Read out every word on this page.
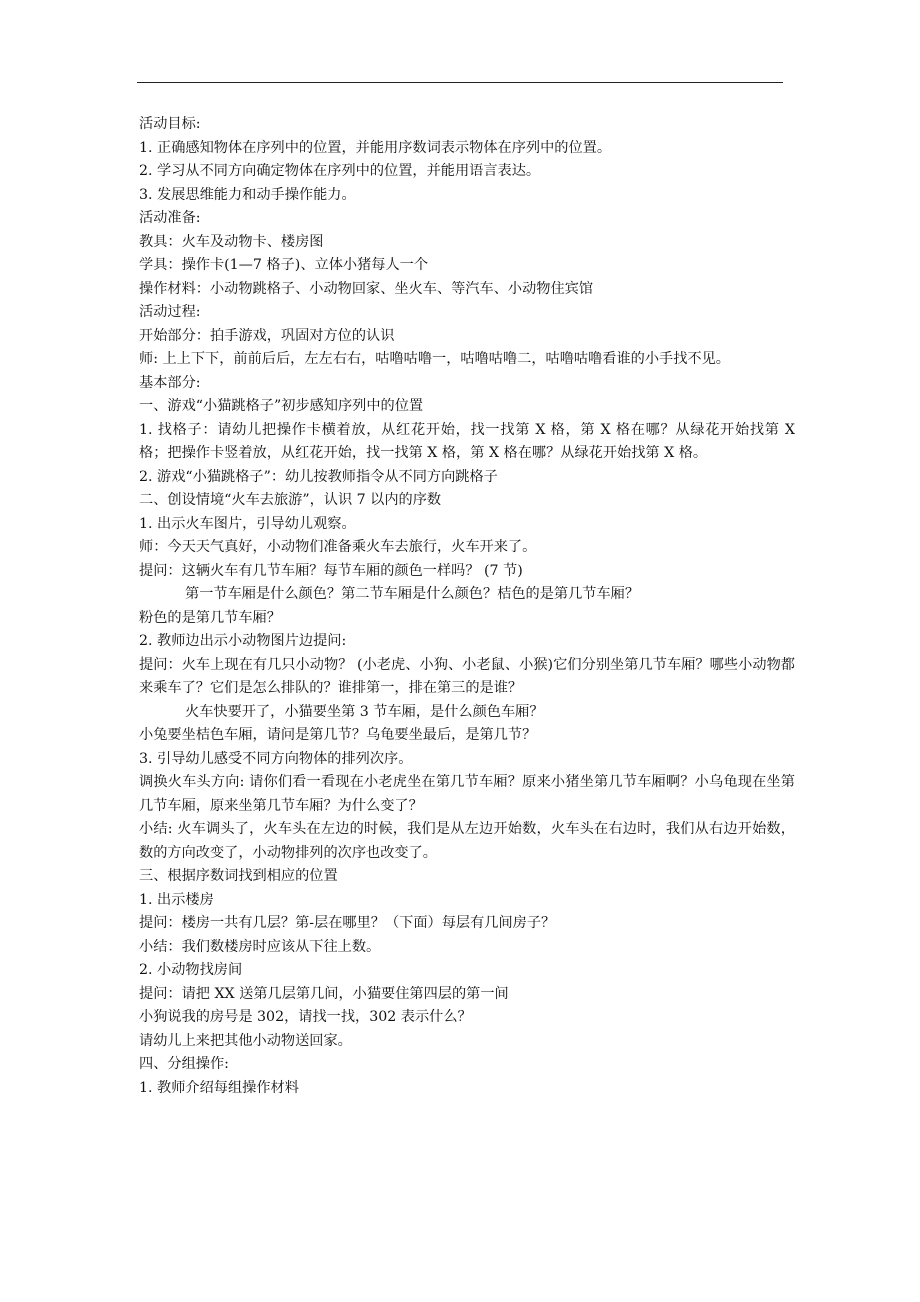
活动目标:

1. 正确感知物体在序列中的位置，并能用序数词表示物体在序列中的位置。

2. 学习从不同方向确定物体在序列中的位置，并能用语言表达。

3. 发展思维能力和动手操作能力。

活动准备:

教具：火车及动物卡、楼房图

学具：操作卡(1—7 格子)、立体小猪每人一个

操作材料：小动物跳格子、小动物回家、坐火车、等汽车、小动物住宾馆

活动过程:

开始部分：拍手游戏，巩固对方位的认识

师: 上上下下，前前后后，左左右右，咕噜咕噜一，咕噜咕噜二，咕噜咕噜看谁的小手找不见。

基本部分:

一、游戏“小猫跳格子”初步感知序列中的位置

1. 找格子：请幼儿把操作卡横着放，从红花开始，找一找第 X 格，第 X 格在哪？从绿花开始找第 X 格；把操作卡竖着放，从红花开始，找一找第 X 格，第 X 格在哪？从绿花开始找第 X 格。

2. 游戏“小猫跳格子”：幼儿按教师指令从不同方向跳格子

二、创设情境“火车去旅游”，认识 7 以内的序数

1. 出示火车图片，引导幼儿观察。

师：今天天气真好，小动物们准备乘火车去旅行，火车开来了。

提问：这辆火车有几节车厢？每节车厢的颜色一样吗？ (7 节)

第一节车厢是什么颜色？第二节车厢是什么颜色？桔色的是第几节车厢？

粉色的是第几节车厢？

2. 教师边出示小动物图片边提问:

提问：火车上现在有几只小动物？ (小老虎、小狗、小老鼠、小猴)它们分别坐第几节车厢？哪些小动物都来乘车了？它们是怎么排队的？谁排第一，排在第三的是谁？

火车快要开了，小猫要坐第 3 节车厢，是什么颜色车厢？

小兔要坐桔色车厢，请问是第几节？乌龟要坐最后，是第几节？

3. 引导幼儿感受不同方向物体的排列次序。

调换火车头方向: 请你们看一看现在小老虎坐在第几节车厢？原来小猪坐第几节车厢啊？小乌龟现在坐第几节车厢，原来坐第几节车厢？为什么变了？

小结: 火车调头了，火车头在左边的时候，我们是从左边开始数，火车头在右边时，我们从右边开始数，数的方向改变了，小动物排列的次序也改变了。

三、根据序数词找到相应的位置

1. 出示楼房

提问：楼房一共有几层？第-层在哪里？（下面）每层有几间房子？

小结：我们数楼房时应该从下往上数。

2. 小动物找房间

提问：请把 XX 送第几层第几间，小猫要住第四层的第一间

小狗说我的房号是 302，请找一找，302 表示什么？

请幼儿上来把其他小动物送回家。

四、分组操作:

1. 教师介绍每组操作材料
